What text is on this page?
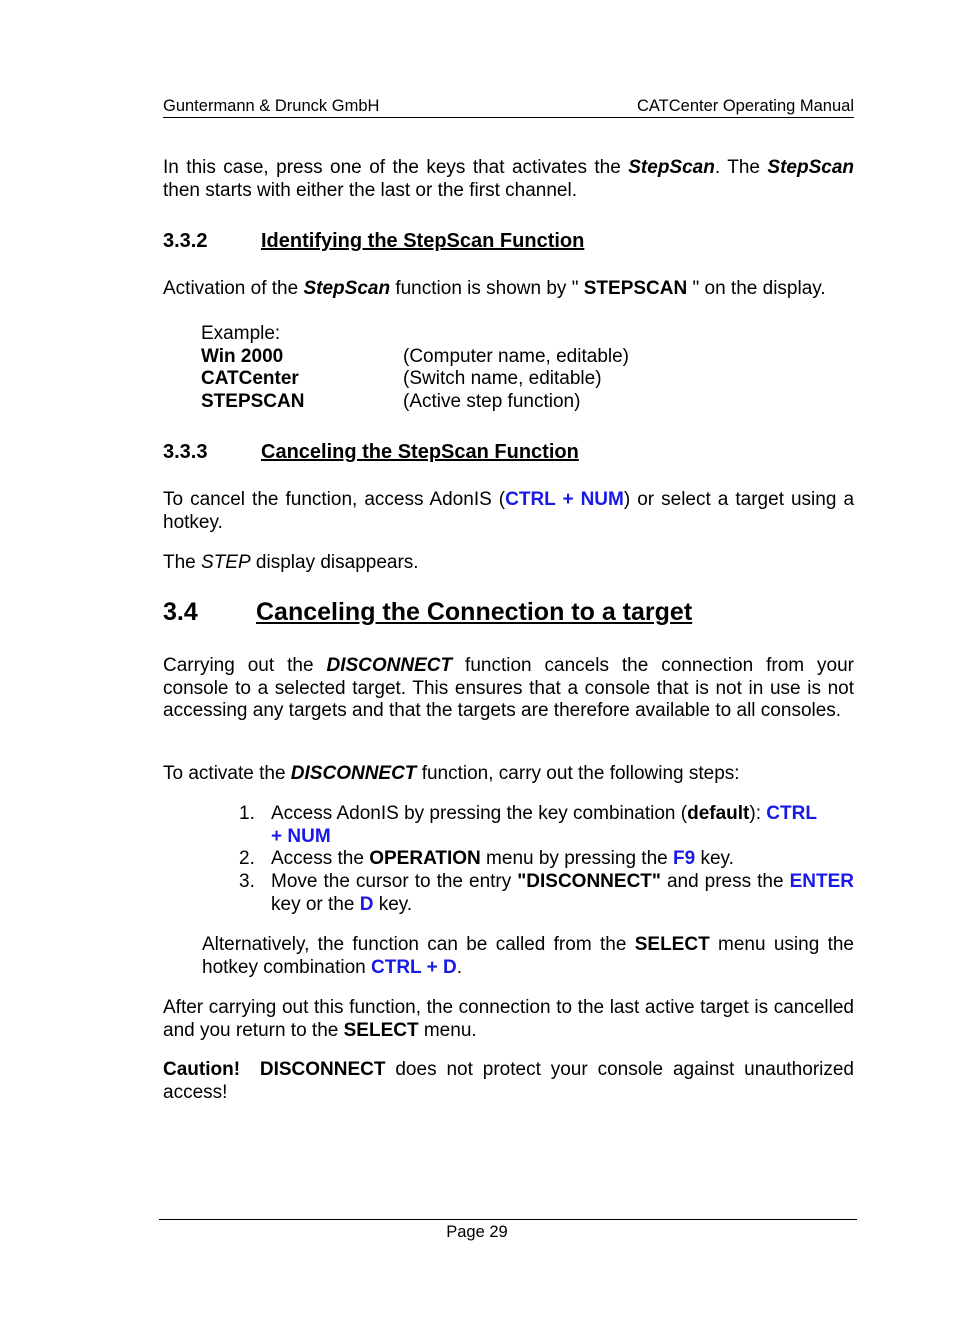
Guntermann & Drunck GmbH	CATCenter Operating Manual
In this case, press one of the keys that activates the StepScan. The StepScan then starts with either the last or the first channel.
3.3.2	Identifying the StepScan Function
Activation of the StepScan function is shown by " STEPSCAN " on the display.
Example:
Win 2000	(Computer name, editable)
CATCenter	(Switch name, editable)
STEPSCAN	(Active step function)
3.3.3	Canceling the StepScan Function
To cancel the function, access AdonIS (CTRL + NUM) or select a target using a hotkey.
The STEP display disappears.
3.4 Canceling the Connection to a target
Carrying out the DISCONNECT function cancels the connection from your console to a selected target. This ensures that a console that is not in use is not accessing any targets and that the targets are therefore available to all consoles.
To activate the DISCONNECT function, carry out the following steps:
1. Access AdonIS by pressing the key combination (default): CTRL
+ NUM
2. Access the OPERATION menu by pressing the F9 key.
3. Move the cursor to the entry "DISCONNECT" and press the ENTER key or the D key.
Alternatively, the function can be called from the SELECT menu using the hotkey combination CTRL + D.
After carrying out this function, the connection to the last active target is cancelled and you return to the SELECT menu.
Caution! DISCONNECT does not protect your console against unauthorized access!
Page 29
